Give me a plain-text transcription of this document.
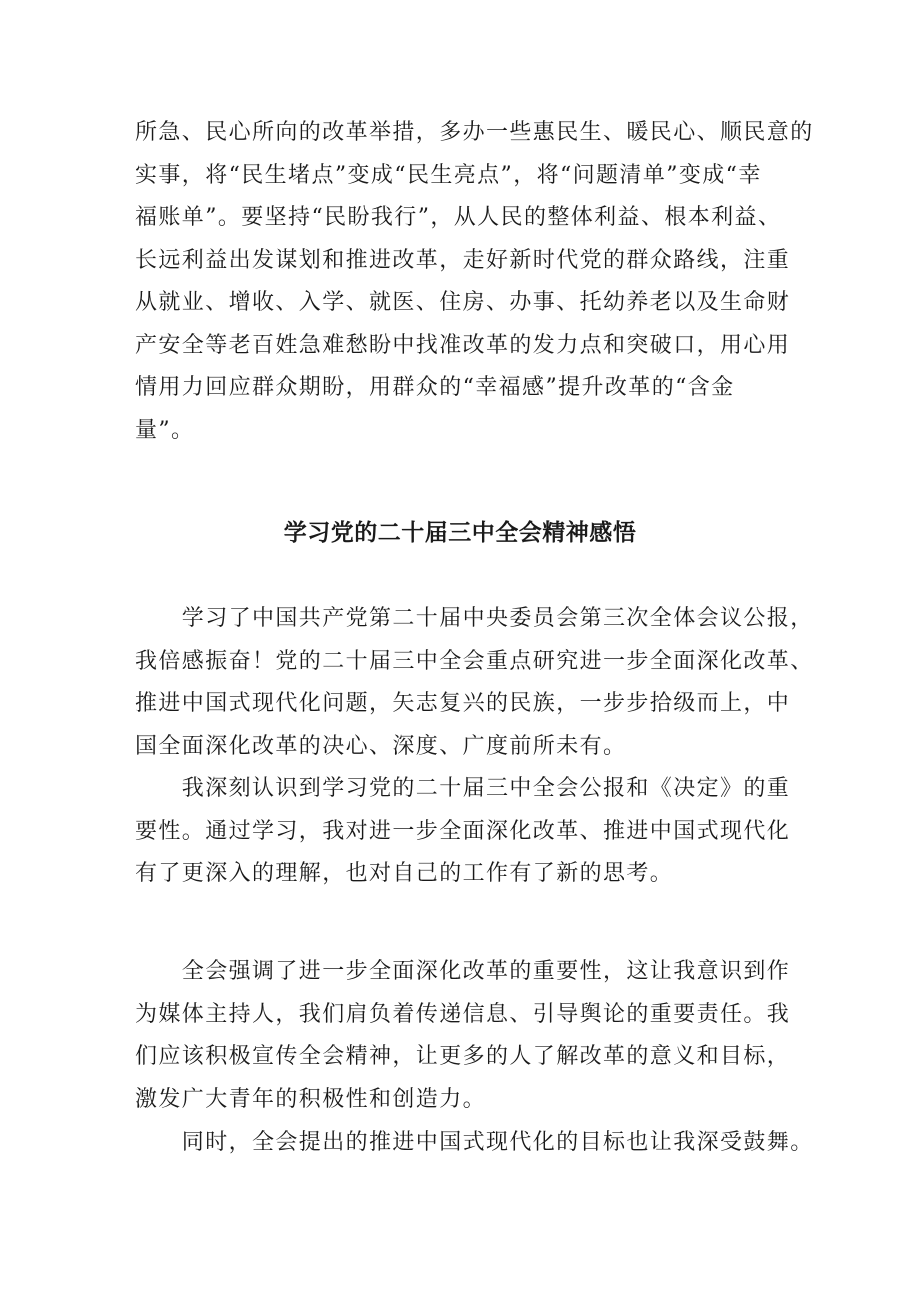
所急、民心所向的改革举措，多办一些惠民生、暖民心、顺民意的
实事，将“民生堵点”变成“民生亮点”，将“问题清单”变成“幸
福账单”。要坚持“民盼我行”，从人民的整体利益、根本利益、
长远利益出发谋划和推进改革，走好新时代党的群众路线，注重
从就业、增收、入学、就医、住房、办事、托幼养老以及生命财
产安全等老百姓急难愁盼中找准改革的发力点和突破口，用心用
情用力回应群众期盼，用群众的“幸福感”提升改革的“含金
量”。
学习党的二十届三中全会精神感悟
　　学习了中国共产党第二十届中央委员会第三次全体会议公报，
我倍感振奋！党的二十届三中全会重点研究进一步全面深化改革、
推进中国式现代化问题，矢志复兴的民族，一步步拾级而上，中
国全面深化改革的决心、深度、广度前所未有。
　　我深刻认识到学习党的二十届三中全会公报和《决定》的重
要性。通过学习，我对进一步全面深化改革、推进中国式现代化
有了更深入的理解，也对自己的工作有了新的思考。
　　全会强调了进一步全面深化改革的重要性，这让我意识到作
为媒体主持人，我们肩负着传递信息、引导舆论的重要责任。我
们应该积极宣传全会精神，让更多的人了解改革的意义和目标，
激发广大青年的积极性和创造力。
　　同时，全会提出的推进中国式现代化的目标也让我深受鼓舞。
